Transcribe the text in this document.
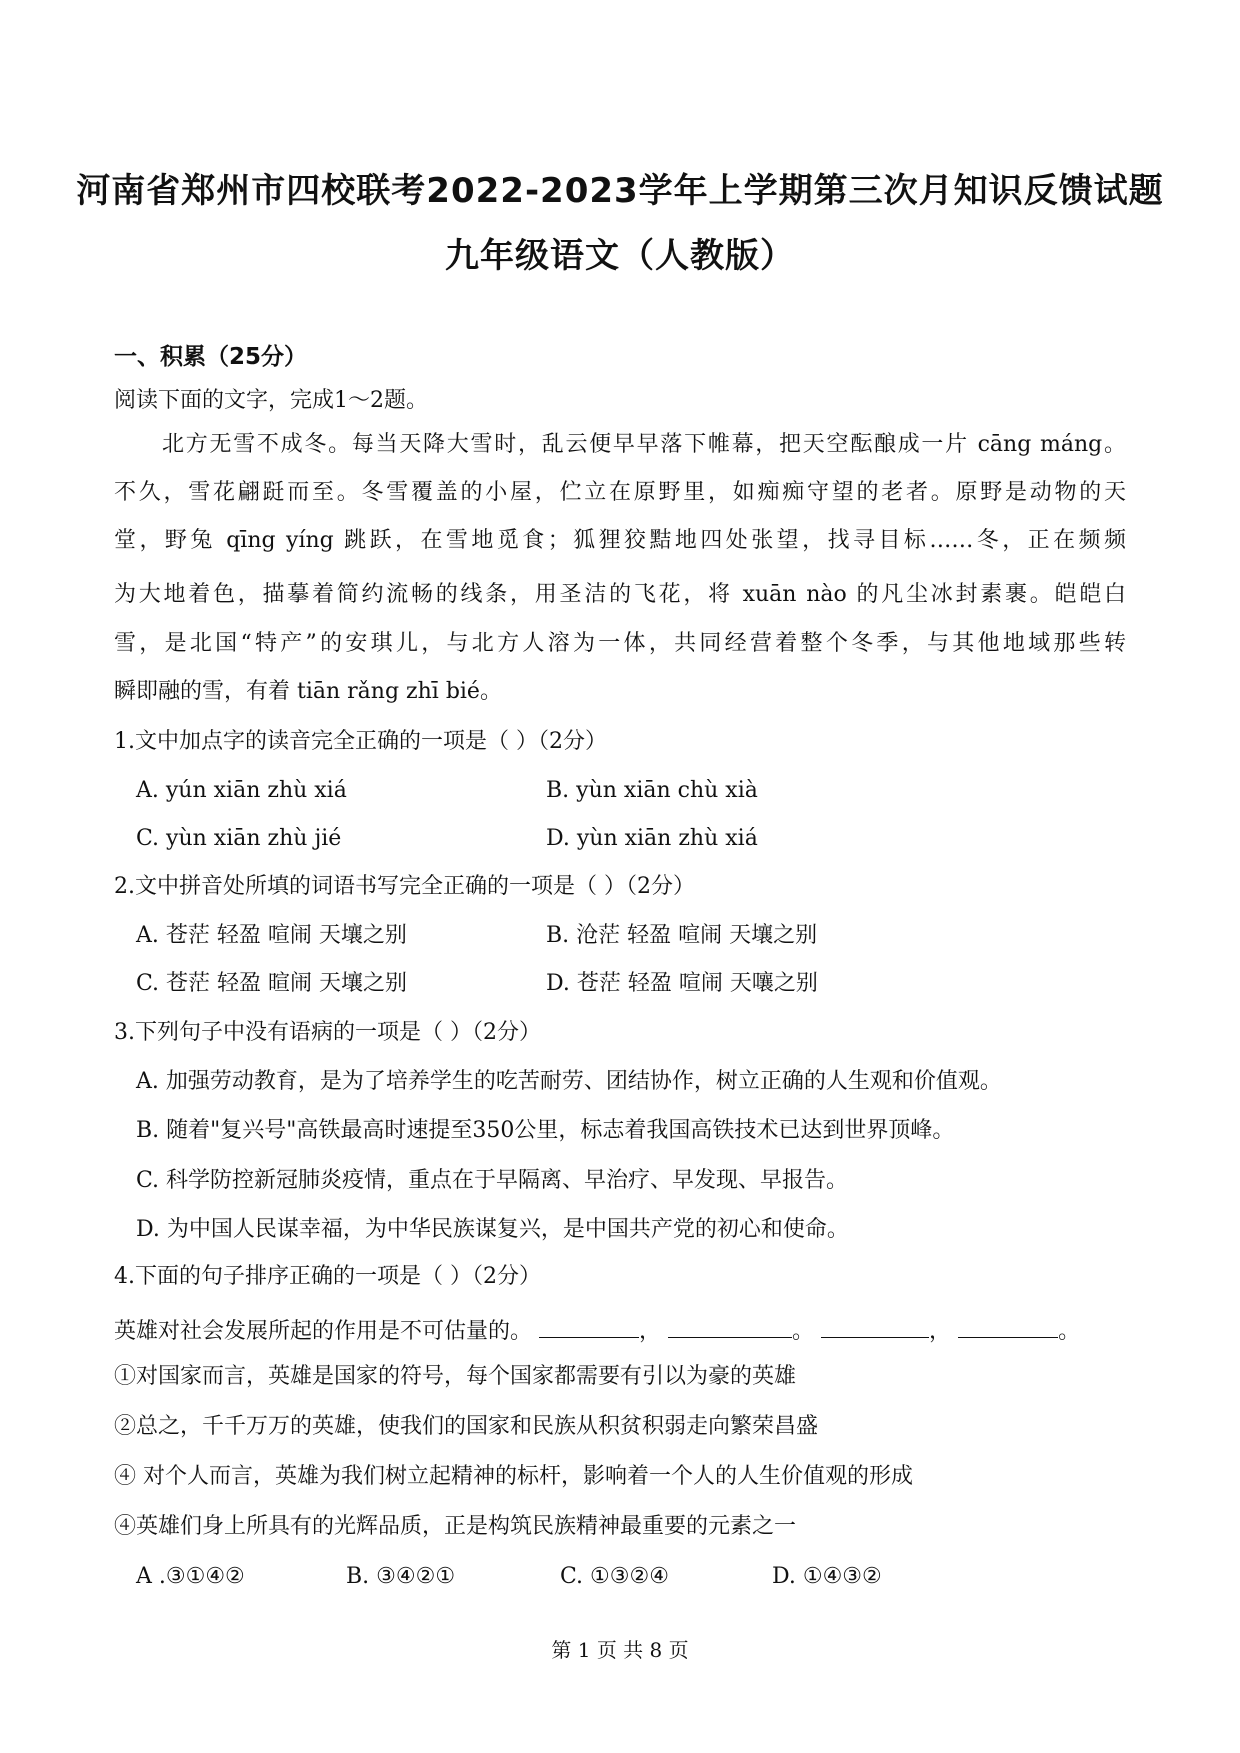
河南省郑州市四校联考2022-2023学年上学期第三次月知识反馈试题
九年级语文（人教版）
一、积累（25分）
阅读下面的文字，完成1～2题。
北方无雪不成冬。每当天降大雪时，乱云便早早落下帷幕，把天空酝酿成一片 cāng máng。
不久，雪花翩跹而至。冬雪覆盖的小屋，伫立在原野里，如痴痴守望的老者。原野是动物的天
堂，野兔 qīng yíng 跳跃，在雪地觅食；狐狸狡黠地四处张望，找寻目标……冬，正在频频
为大地着色，描摹着简约流畅的线条，用圣洁的飞花，将 xuān nào 的凡尘冰封素裹。皑皑白
雪，是北国“特产”的安琪儿，与北方人溶为一体，共同经营着整个冬季，与其他地域那些转
瞬即融的雪，有着 tiān rǎng zhī bié。
1.文中加点字的读音完全正确的一项是（ ）（2分）
A. yún xiān zhù xiá	B. yùn xiān chù xià
C. yùn xiān zhù jié	D. yùn xiān zhù xiá
2.文中拼音处所填的词语书写完全正确的一项是（ ）（2分）
A. 苍茫 轻盈 喧闹 天壤之别	B. 沧茫 轻盈 喧闹 天壤之别
C. 苍茫 轻盈 暄闹 天壤之别	D. 苍茫 轻盈 喧闹 天嚷之别
3.下列句子中没有语病的一项是（ ）（2分）
A. 加强劳动教育，是为了培养学生的吃苦耐劳、团结协作，树立正确的人生观和价值观。
B. 随着"复兴号"高铁最高时速提至350公里，标志着我国高铁技术已达到世界顶峰。
C. 科学防控新冠肺炎疫情，重点在于早隔离、早治疗、早发现、早报告。
D. 为中国人民谋幸福，为中华民族谋复兴，是中国共产党的初心和使命。
4.下面的句子排序正确的一项是（ ）（2分）
英雄对社会发展所起的作用是不可估量的。	，	。	，	。
①对国家而言，英雄是国家的符号，每个国家都需要有引以为豪的英雄
②总之，千千万万的英雄，使我们的国家和民族从积贫积弱走向繁荣昌盛
④ 对个人而言，英雄为我们树立起精神的标杆，影响着一个人的人生价值观的形成
④英雄们身上所具有的光辉品质，正是构筑民族精神最重要的元素之一
A .③①④②	B. ③④②①	C. ①③②④	D. ①④③②
第 1 页 共 8 页
